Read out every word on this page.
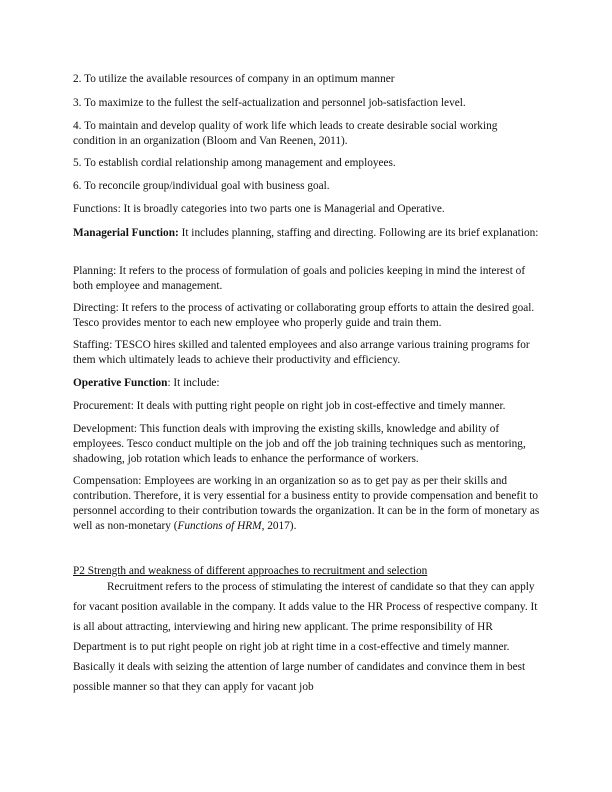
2. To utilize the available resources of company in an optimum manner

3. To maximize to the fullest the self-actualization and personnel job-satisfaction level.

4. To maintain and develop quality of work life which leads to create desirable social working condition in an organization (Bloom and Van Reenen, 2011).

5. To establish cordial relationship among management and employees.

6. To reconcile group/individual goal with business goal.

Functions: It is broadly categories into two parts one is Managerial and Operative.

Managerial Function: It includes planning, staffing and directing. Following are its brief explanation:

Planning: It refers to the process of formulation of goals and policies keeping in mind the interest of both employee and management.

Directing: It refers to the process of activating or collaborating group efforts to attain the desired goal. Tesco provides mentor to each new employee who properly guide and train them.

Staffing: TESCO hires skilled and talented employees and also arrange various training programs for them which ultimately leads to achieve their productivity and efficiency.

Operative Function: It include:

Procurement: It deals with putting right people on right job in cost-effective and timely manner.

Development: This function deals with improving the existing skills, knowledge and ability of employees. Tesco conduct multiple on the job and off the job training techniques such as mentoring, shadowing, job rotation which leads to enhance the performance of workers.

Compensation: Employees are working in an organization so as to get pay as per their skills and contribution. Therefore, it is very essential for a business entity to provide compensation and benefit to personnel according to their contribution towards the organization. It can be in the form of monetary as well as non-monetary (Functions of HRM, 2017).

P2 Strength and weakness of different approaches to recruitment and selection

Recruitment refers to the process of stimulating the interest of candidate so that they can apply for vacant position available in the company. It adds value to the HR Process of respective company. It is all about attracting, interviewing and hiring new applicant. The prime responsibility of HR Department is to put right people on right job at right time in a cost-effective and timely manner. Basically it deals with seizing the attention of large number of candidates and convince them in best possible manner so that they can apply for vacant job
